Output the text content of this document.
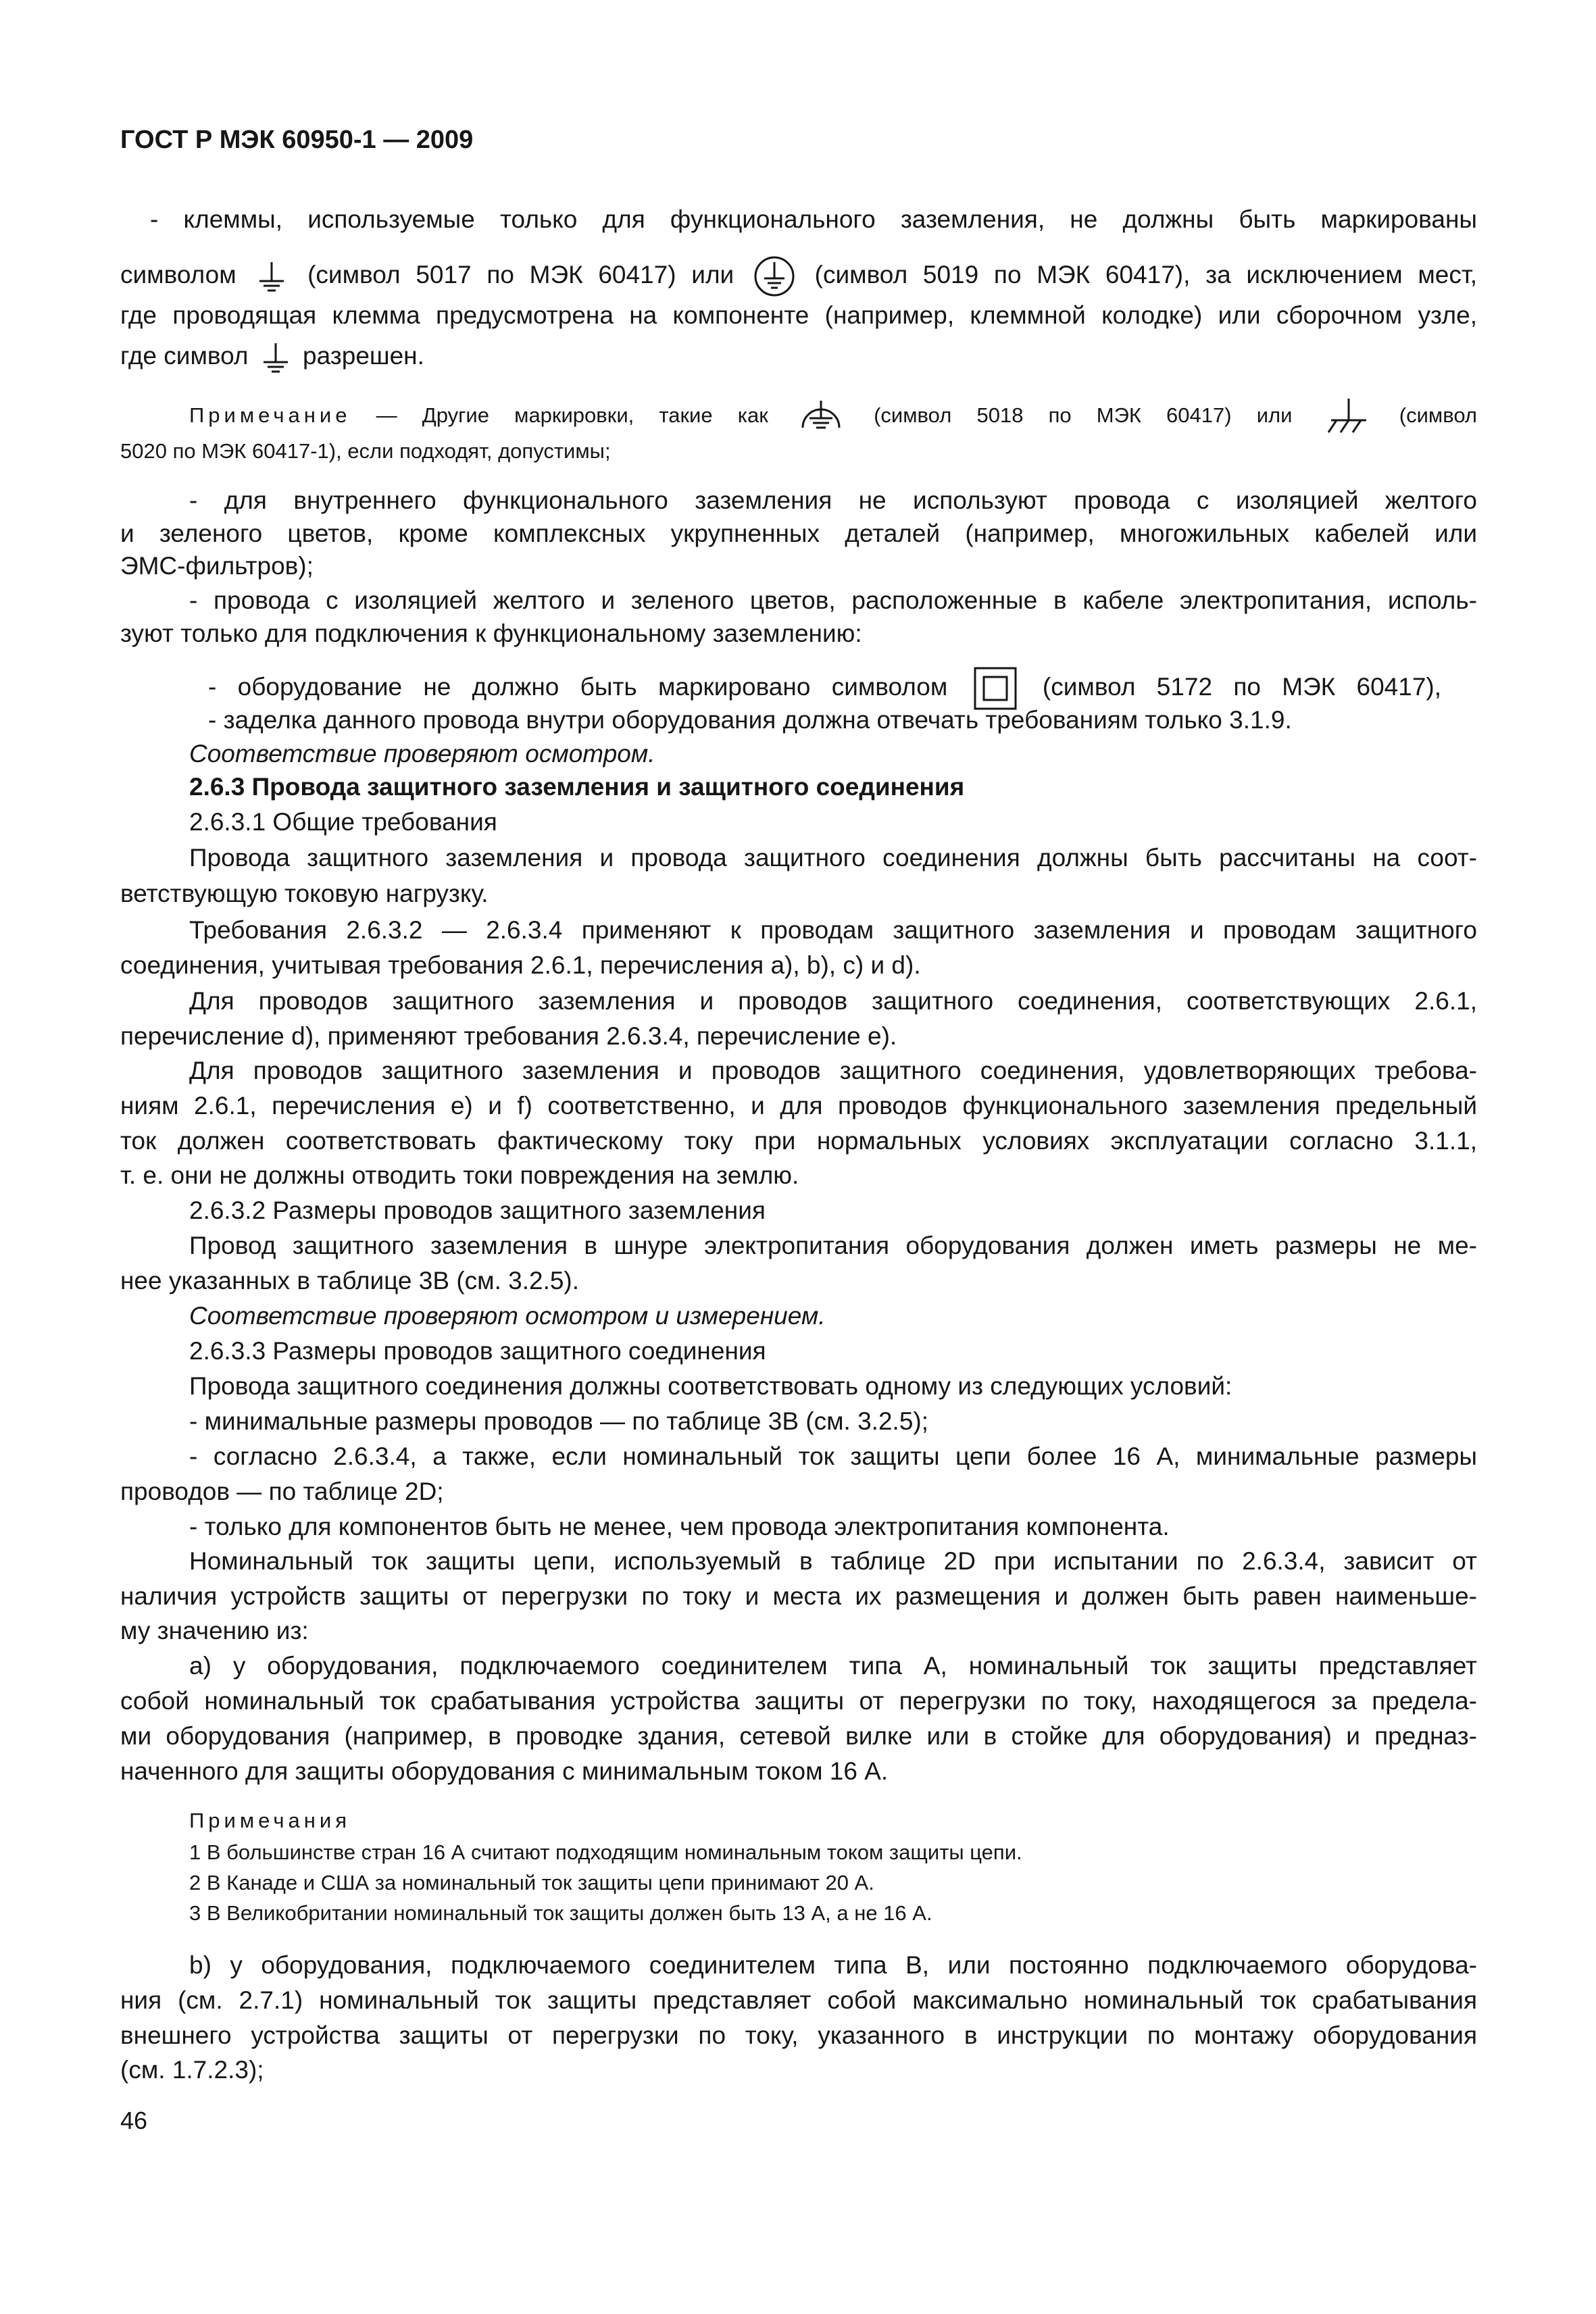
ГОСТ Р МЭК 60950-1 — 2009

- клеммы, используемые только для функционального заземления, не должны быть маркированы

символом	(символ 5017 по МЭК 60417) или	(символ 5019 по МЭК 60417), за исключением мест,

где проводящая клемма предусмотрена на компоненте (например, клеммной колодке) или сборочном узле,

где символ разрешен.

Примечание — Другие маркировки, такие как	(символ 5018 по МЭК 60417) или	(символ

5020 по МЭК 60417-1), если подходят, допустимы;

- для внутреннего функционального заземления не используют провода с изоляцией желтого

и зеленого цветов, кроме комплексных укрупненных деталей (например, многожильных кабелей или

ЭМС-фильтров);

- провода с изоляцией желтого и зеленого цветов, расположенные в кабеле электропитания, исполь-

зуют только для подключения к функциональному заземлению:

- оборудование не должно быть маркировано символом	(символ 5172 по МЭК 60417),

- заделка данного провода внутри оборудования должна отвечать требованиям только 3.1.9.

Соответствие проверяют осмотром.

2.6.3 Провода защитного заземления и защитного соединения

2.6.3.1 Общие требования

Провода защитного заземления и провода защитного соединения должны быть рассчитаны на соот-

ветствующую токовую нагрузку.

Требования 2.6.3.2 — 2.6.3.4 применяют к проводам защитного заземления и проводам защитного

соединения, учитывая требования 2.6.1, перечисления а), b), с) и d).

Для проводов защитного заземления и проводов защитного соединения, соответствующих 2.6.1,

перечисление d), применяют требования 2.6.3.4, перечисление е).

Для проводов защитного заземления и проводов защитного соединения, удовлетворяющих требова-

ниям 2.6.1, перечисления е) и f) соответственно, и для проводов функционального заземления предельный

ток должен соответствовать фактическому току при нормальных условиях эксплуатации согласно 3.1.1,

т. е. они не должны отводить токи повреждения на землю.

2.6.3.2 Размеры проводов защитного заземления

Провод защитного заземления в шнуре электропитания оборудования должен иметь размеры не ме-

нее указанных в таблице 3В (см. 3.2.5).

Соответствие проверяют осмотром и измерением.

2.6.3.3 Размеры проводов защитного соединения

Провода защитного соединения должны соответствовать одному из следующих условий:

- минимальные размеры проводов — по таблице 3В (см. 3.2.5);

- согласно 2.6.3.4, а также, если номинальный ток защиты цепи более 16 А, минимальные размеры

проводов — по таблице 2D;

- только для компонентов быть не менее, чем провода электропитания компонента.

Номинальный ток защиты цепи, используемый в таблице 2D при испытании по 2.6.3.4, зависит от

наличия устройств защиты от перегрузки по току и места их размещения и должен быть равен наименьше-

му значению из:

а) у оборудования, подключаемого соединителем типа А, номинальный ток защиты представляет

собой номинальный ток срабатывания устройства защиты от перегрузки по току, находящегося за предела-

ми оборудования (например, в проводке здания, сетевой вилке или в стойке для оборудования) и предназ-

наченного для защиты оборудования с минимальным током 16 А.

Примечания

1 В большинстве стран 16 А считают подходящим номинальным током защиты цепи.

2 В Канаде и США за номинальный ток защиты цепи принимают 20 А.

3 В Великобритании номинальный ток защиты должен быть 13 А, а не 16 А.

b) у оборудования, подключаемого соединителем типа В, или постоянно подключаемого оборудова-

ния (см. 2.7.1) номинальный ток защиты представляет собой максимально номинальный ток срабатывания

внешнего устройства защиты от перегрузки по току, указанного в инструкции по монтажу оборудования

(см. 1.7.2.3);

46
